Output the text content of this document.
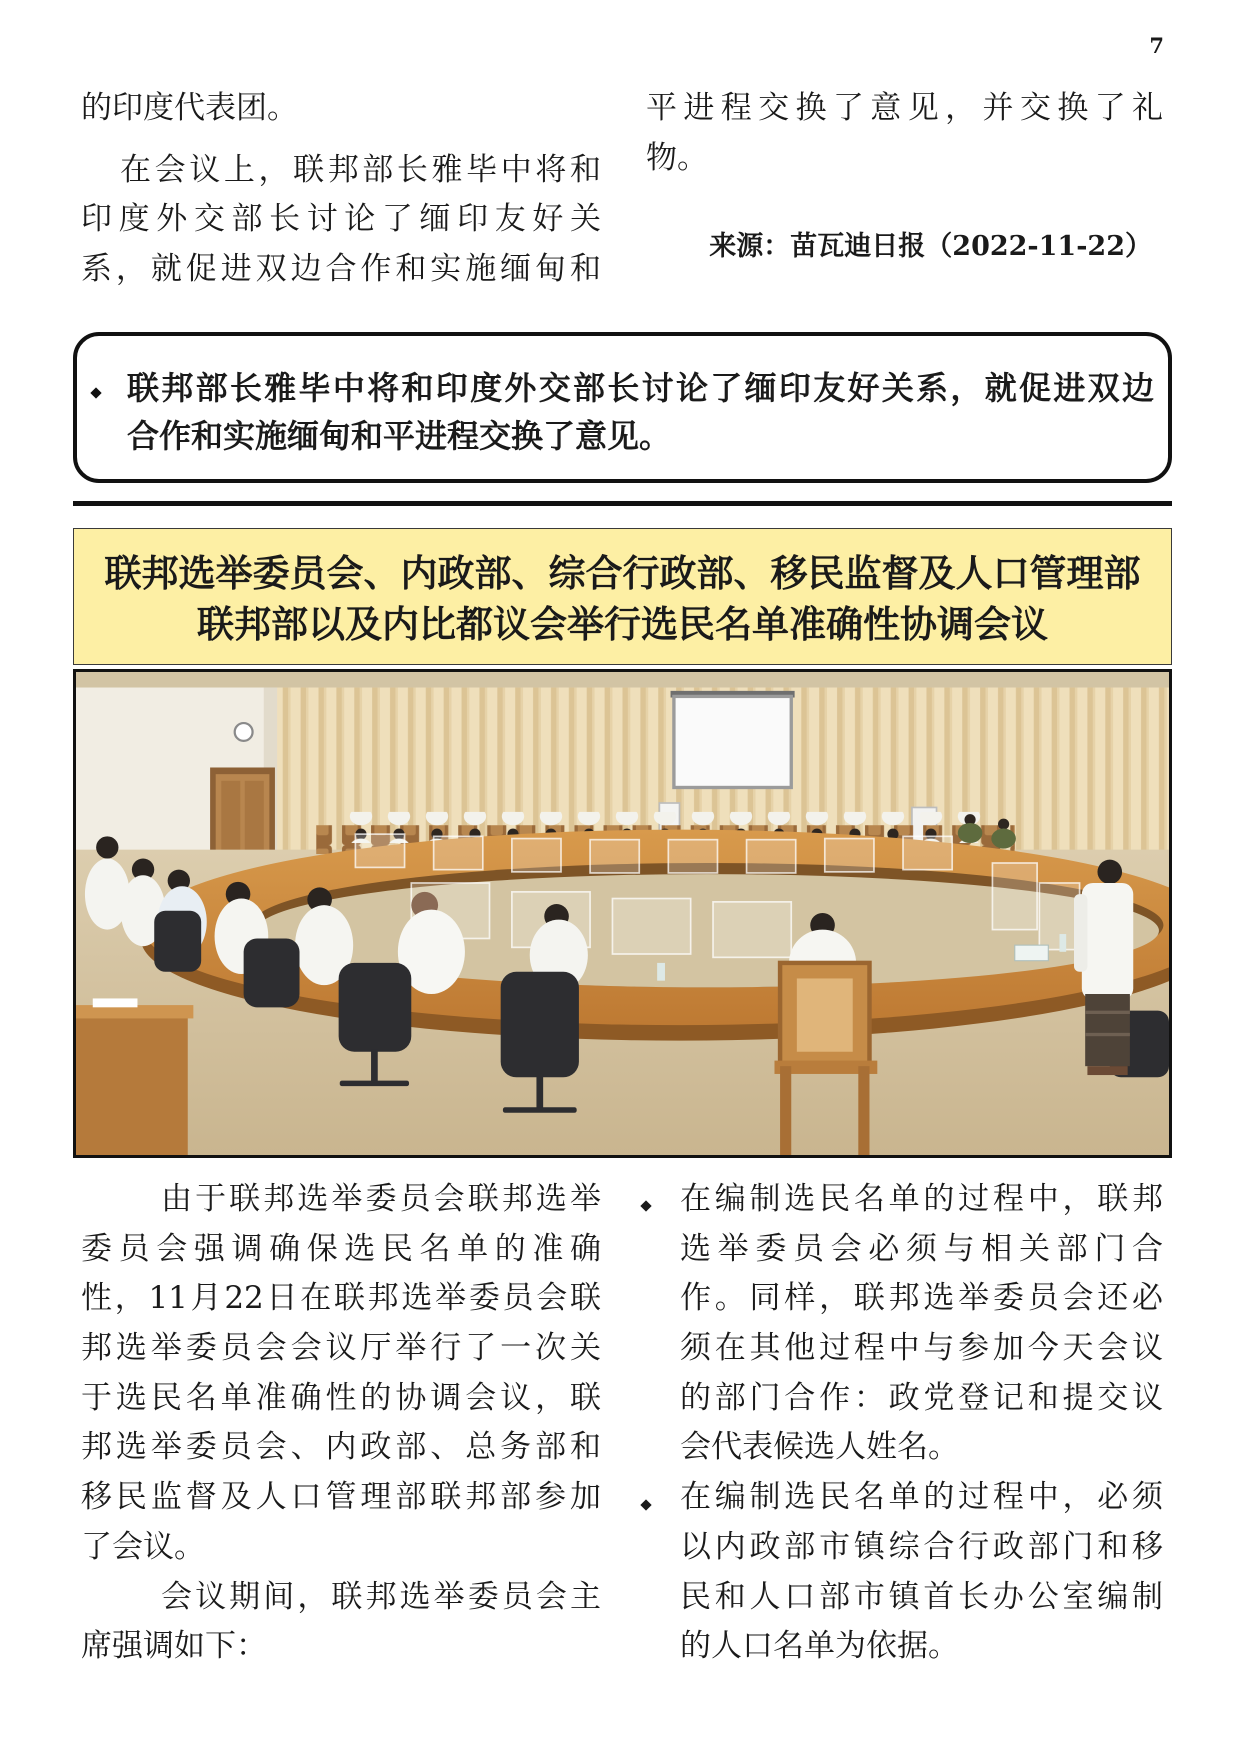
7
的印度代表团。
在会议上，联邦部长雅毕中将和
印度外交部长讨论了缅印友好关
系，就促进双边合作和实施缅甸和
平进程交换了意见，并交换了礼
物。
来源：苗瓦迪日报（2022-11-22）
联邦部长雅毕中将和印度外交部长讨论了缅印友好关系，就促进双边
合作和实施缅甸和平进程交换了意见。
联邦选举委员会、内政部、综合行政部、移民监督及人口管理部
联邦部以及内比都议会举行选民名单准确性协调会议
由于联邦选举委员会联邦选举
委员会强调确保选民名单的准确
性，11月22日在联邦选举委员会联
邦选举委员会会议厅举行了一次关
于选民名单准确性的协调会议，联
邦选举委员会、内政部、总务部和
移民监督及人口管理部联邦部参加
了会议。
会议期间，联邦选举委员会主
席强调如下：
在编制选民名单的过程中，联邦
选举委员会必须与相关部门合
作。同样，联邦选举委员会还必
须在其他过程中与参加今天会议
的部门合作：政党登记和提交议
会代表候选人姓名。
在编制选民名单的过程中，必须
以内政部市镇综合行政部门和移
民和人口部市镇首长办公室编制
的人口名单为依据。
